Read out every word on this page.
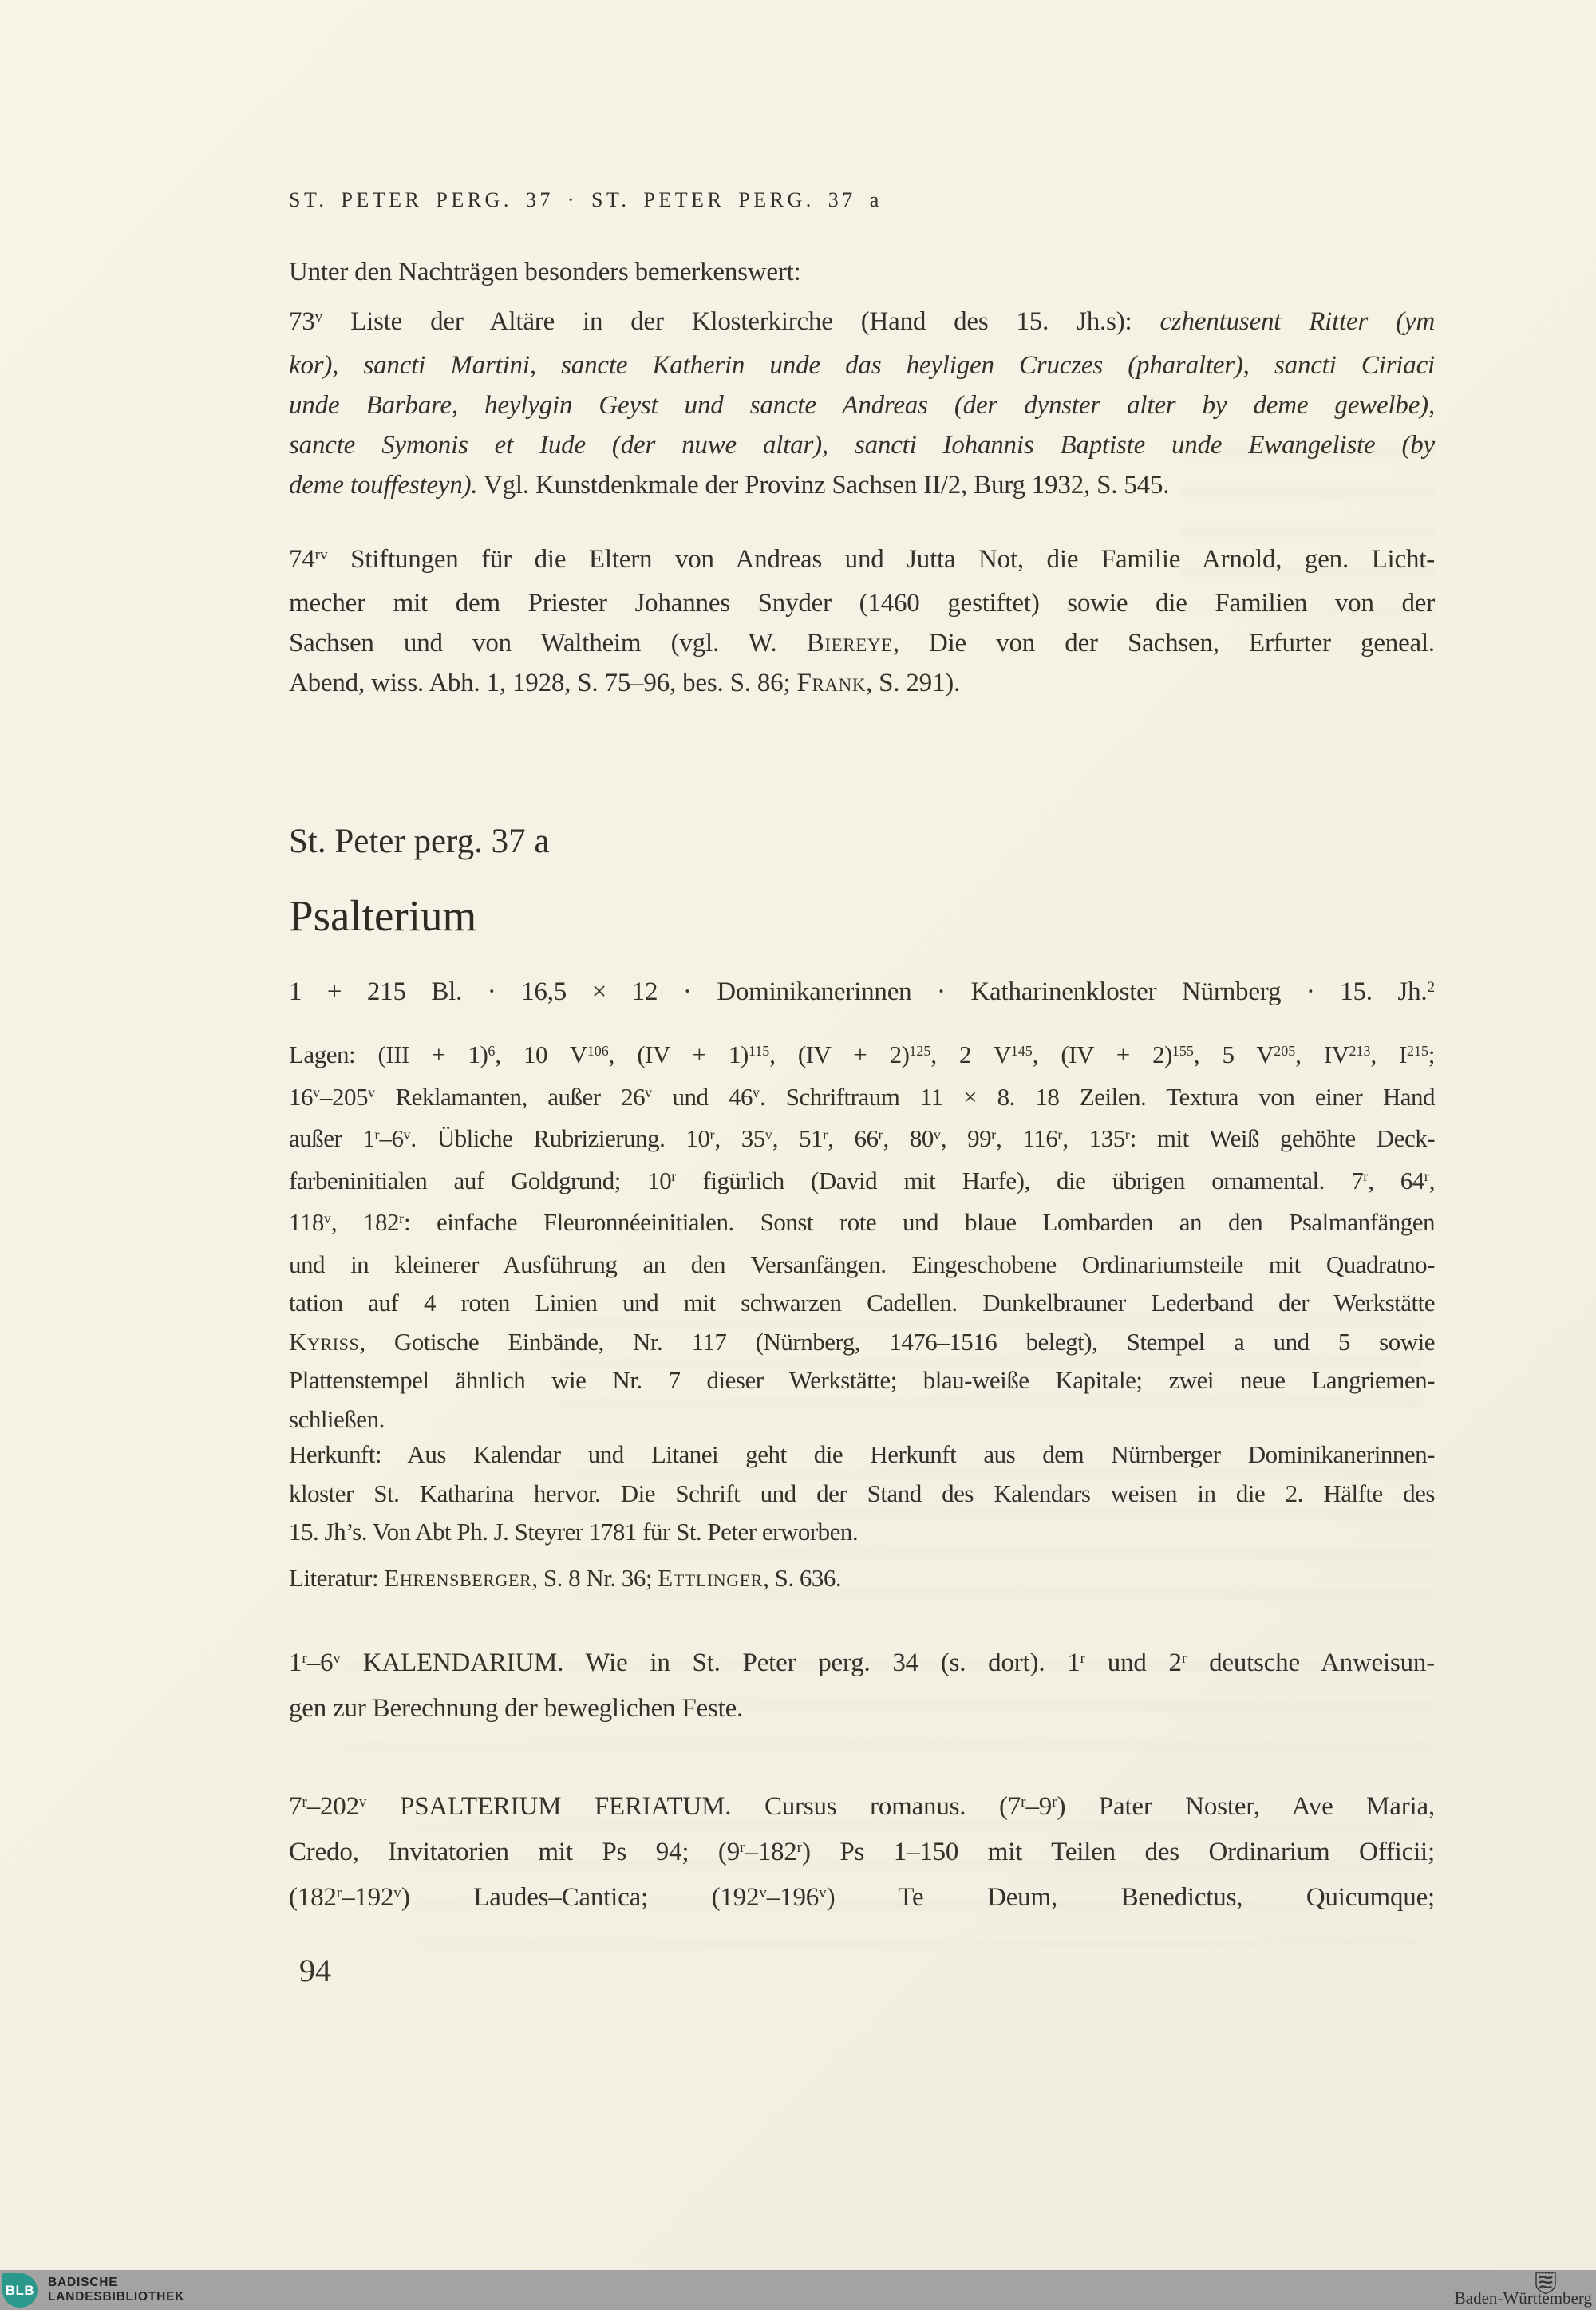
ST. PETER PERG. 37 · ST. PETER PERG. 37 a
Unter den Nachträgen besonders bemerkenswert:
73$^v$ Liste der Altäre in der Klosterkirche (Hand des 15. Jh.s): czhentusent Ritter (ym
kor), sancti Martini, sancte Katherin unde das heyligen Cruczes (pharalter), sancti Ciriaci
unde Barbare, heylygin Geyst und sancte Andreas (der dynster alter by deme gewelbe),
sancte Symonis et Iude (der nuwe altar), sancti Iohannis Baptiste unde Ewangeliste (by
deme touffesteyn). Vgl. Kunstdenkmale der Provinz Sachsen II/2, Burg 1932, S. 545.
$74^{rv}$ Stiftungen für die Eltern von Andreas und Jutta Not, die Familie Arnold, gen. Licht-
mecher mit dem Priester Johannes Snyder (1460 gestiftet) sowie die Familien von der
Sachsen und von Waltheim (vgl. W. Biereye, Die von der Sachsen, Erfurter geneal.
Abend, wiss. Abh. 1, 1928, S. 75–96, bes. S. 86; Frank, S. 291).
St. Peter perg. 37 a
Psalterium
1 + 215 Bl. · 16,5 × 12 · Dominikanerinnen · Katharinenkloster Nürnberg · 15. Jh.$^2$
Lagen: (III + 1)$^6$, 10 $V^{106}$, (IV + 1)$^{115}$, (IV + 2)$^{125}$, 2 $V^{145}$, (IV + 2)$^{155}$, 5 $V^{205}$, IV$^{213}$, $I^{215}$;
16$^v$–205$^v$ Reklamanten, außer 26$^v$ und 46$^v$. Schriftraum 11 × 8. 18 Zeilen. Textura von einer Hand
außer 1$^r$–6$^v$. Übliche Rubrizierung. 10$^r$, 35$^v$, 51$^r$, 66$^r$, 80$^v$, 99$^r$, 116$^r$, 135$^r$: mit Weiß gehöhte Deck-
farbeninitialen auf Goldgrund; 10$^r$ figürlich (David mit Harfe), die übrigen ornamental. 7$^r$, 64$^r$,
118$^v$, 182$^r$: einfache Fleuronnéeinitialen. Sonst rote und blaue Lombarden an den Psalmanfängen
und in kleinerer Ausführung an den Versanfängen. Eingeschobene Ordinariumsteile mit Quadratno-
tation auf 4 roten Linien und mit schwarzen Cadellen. Dunkelbrauner Lederband der Werkstätte
Kyriss, Gotische Einbände, Nr. 117 (Nürnberg, 1476–1516 belegt), Stempel a und 5 sowie
Plattenstempel ähnlich wie Nr. 7 dieser Werkstätte; blau-weiße Kapitale; zwei neue Langriemen-
schließen.
Herkunft: Aus Kalendar und Litanei geht die Herkunft aus dem Nürnberger Dominikanerinnen-
kloster St. Katharina hervor. Die Schrift und der Stand des Kalendars weisen in die 2. Hälfte des
15. Jh’s. Von Abt Ph. J. Steyrer 1781 für St. Peter erworben.
Literatur: Ehrensberger, S. 8 Nr. 36; Ettlinger, S. 636.
1$^r$–6$^v$ KALENDARIUM. Wie in St. Peter perg. 34 (s. dort). 1$^r$ und 2$^r$ deutsche Anweisun-
gen zur Berechnung der beweglichen Feste.
7$^r$–202$^v$ PSALTERIUM FERIATUM. Cursus romanus. (7$^r$–9$^r$) Pater Noster, Ave Maria,
Credo, Invitatorien mit Ps 94; (9$^r$–182$^r$) Ps 1–150 mit Teilen des Ordinarium Officii;
(182$^r$–192$^v$) Laudes–Cantica; (192$^v$–196$^v$) Te Deum, Benedictus, Quicumque;
94
BLB BADISCHE
LANDESBIBLIOTHEK	Baden-Württemberg
